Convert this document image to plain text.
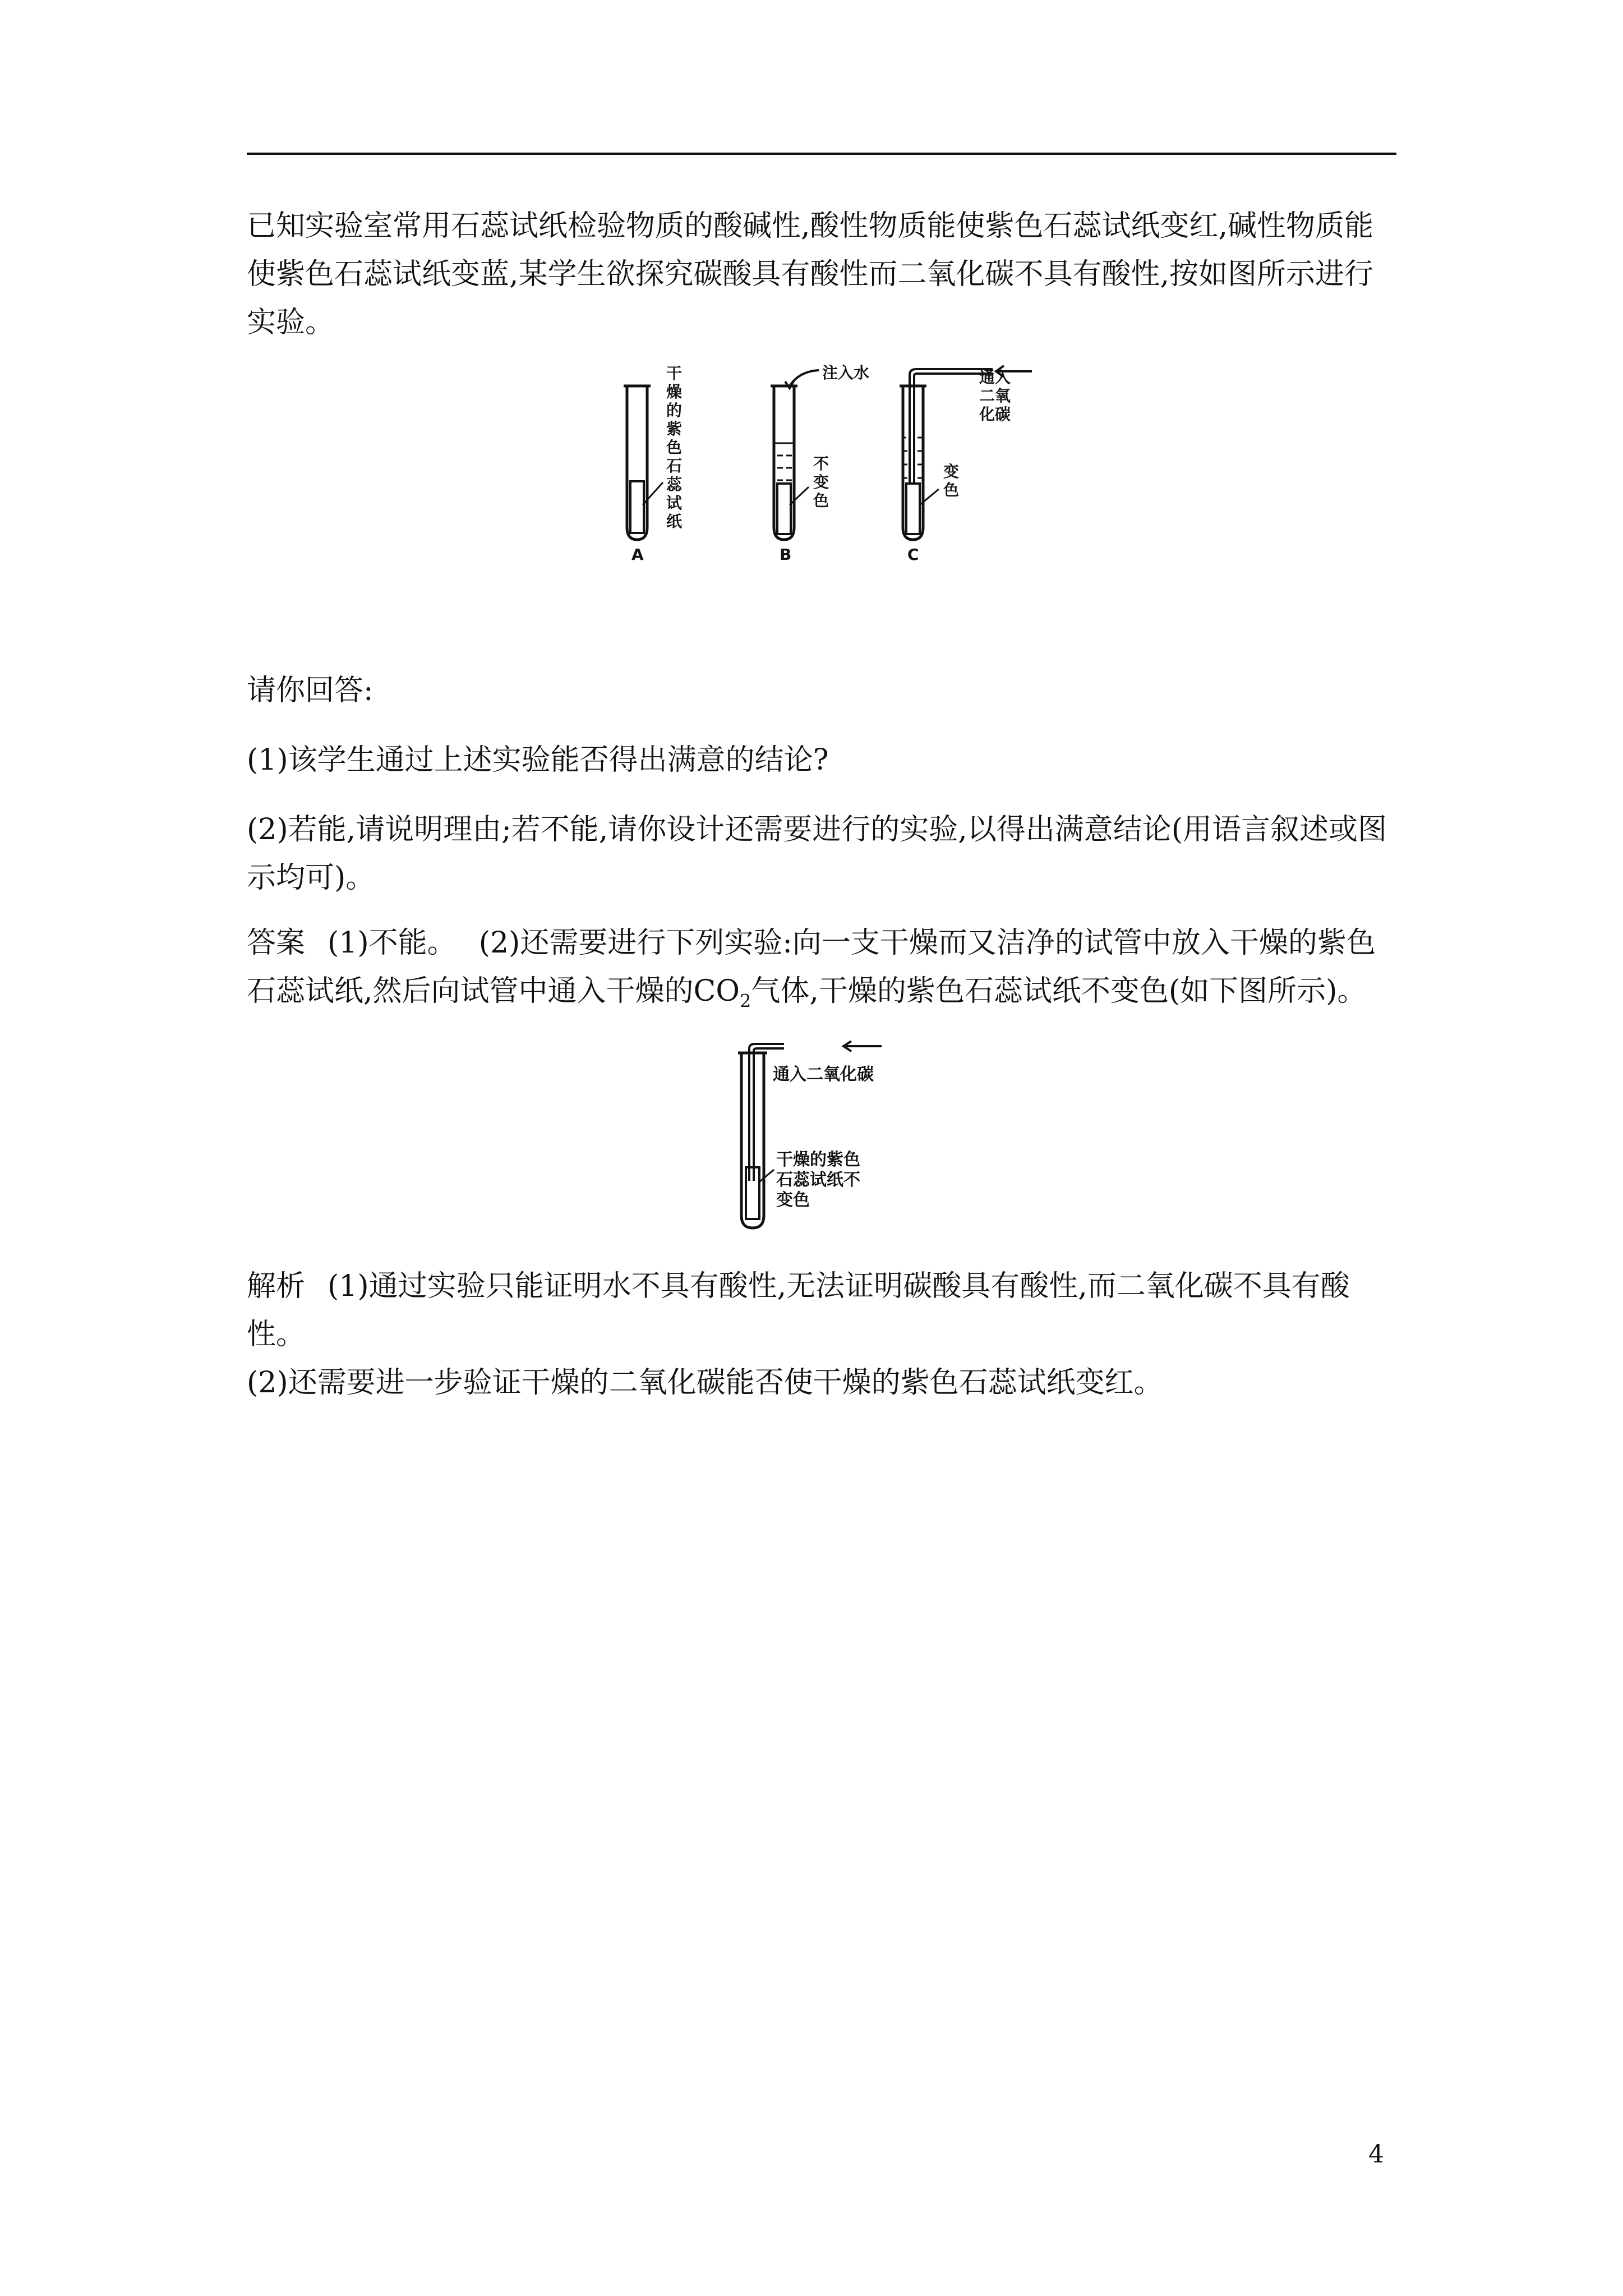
已知实验室常用石蕊试纸检验物质的酸碱性,酸性物质能使紫色石蕊试纸变红,碱性物质能使紫色石蕊试纸变蓝,某学生欲探究碳酸具有酸性而二氧化碳不具有酸性,按如图所示进行实验。

A
干
燥
的
紫
色
石
蕊
试
纸
注入水
不
变
色
B
变
色
通入
二氧
化碳
C

请你回答:

(1)该学生通过上述实验能否得出满意的结论?

(2)若能,请说明理由;若不能,请你设计还需要进行的实验,以得出满意结论(用语言叙述或图示均可)。

答案 (1)不能。 (2)还需要进行下列实验:向一支干燥而又洁净的试管中放入干燥的紫色石蕊试纸,然后向试管中通入干燥的$CO_2$气体,干燥的紫色石蕊试纸不变色(如下图所示)。

通入二氧化碳
干燥的紫色
石蕊试纸不
变色

解析 (1)通过实验只能证明水不具有酸性,无法证明碳酸具有酸性,而二氧化碳不具有酸性。
(2)还需要进一步验证干燥的二氧化碳能否使干燥的紫色石蕊试纸变红。

4
